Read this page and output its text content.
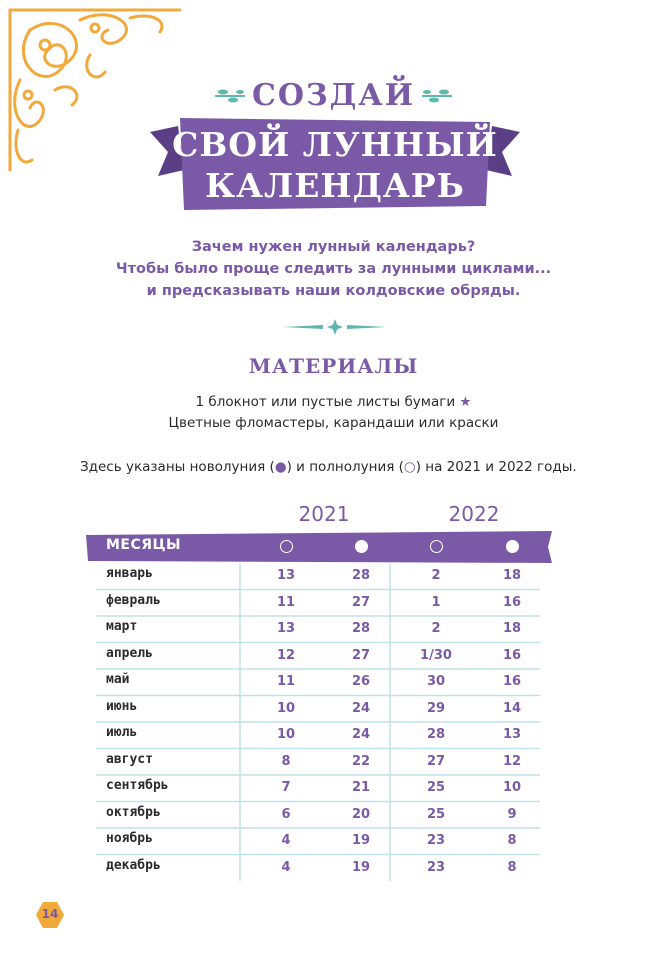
СОЗДАЙ
СВОЙ ЛУННЫЙ
КАЛЕНДАРЬ
Зачем нужен лунный календарь?
Чтобы было проще следить за лунными циклами...
и предсказывать наши колдовские обряды.
МАТЕРИАЛЫ
1 блокнот или пустые листы бумаги ★
Цветные фломастеры, карандаши или краски
Здесь указаны новолуния (●) и полнолуния (○) на 2021 и 2022 годы.
2021	2022
МЕСЯЦЫ
январь	13	28	2	18
февраль	11	27	1	16
март	13	28	2	18
апрель	12	27	1/30	16
май	11	26	30	16
июнь	10	24	29	14
июль	10	24	28	13
август	8	22	27	12
сентябрь	7	21	25	10
октябрь	6	20	25	9
ноябрь	4	19	23	8
декабрь	4	19	23	8
14
